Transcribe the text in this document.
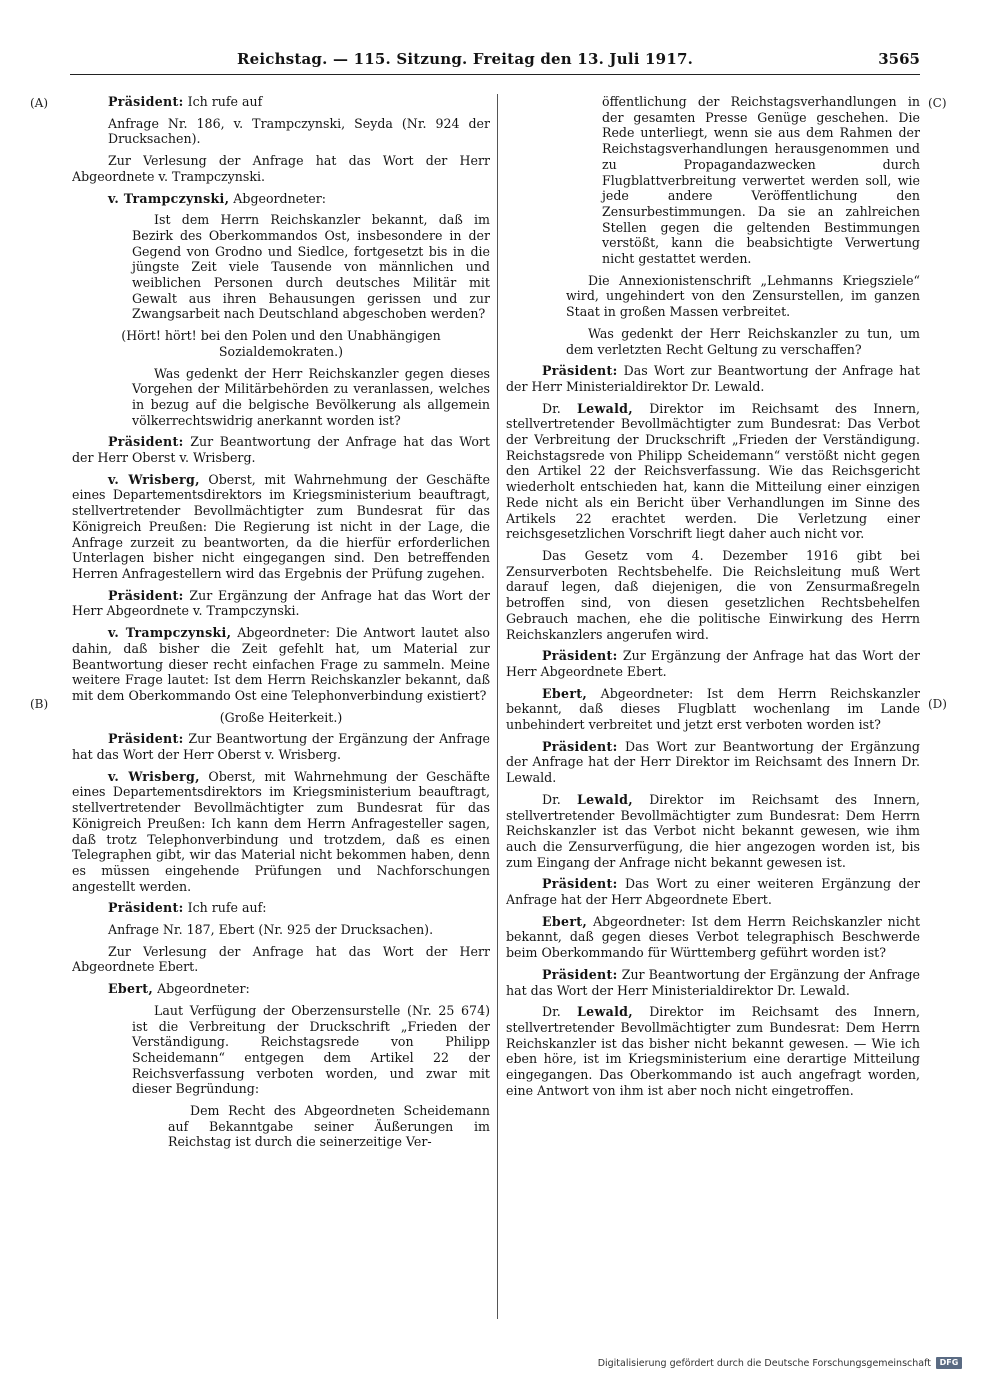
Reichstag. — 115. Sitzung. Freitag den 13. Juli 1917.	3565
(A)
(B)
(C)
(D)

Präsident: Ich rufe auf

Anfrage Nr. 186, v. Trampczynski, Seyda (Nr. 924 der Drucksachen).

Zur Verlesung der Anfrage hat das Wort der Herr Abgeordnete v. Trampczynski.

v. Trampczynski, Abgeordneter:

Ist dem Herrn Reichskanzler bekannt, daß im Bezirk des Oberkommandos Ost, insbesondere in der Gegend von Grodno und Siedlce, fortgesetzt bis in die jüngste Zeit viele Tausende von männlichen und weiblichen Personen durch deutsches Militär mit Gewalt aus ihren Behausungen gerissen und zur Zwangsarbeit nach Deutschland abgeschoben werden?

(Hört! hört! bei den Polen und den Unabhängigen Sozialdemokraten.)

Was gedenkt der Herr Reichskanzler gegen dieses Vorgehen der Militärbehörden zu veranlassen, welches in bezug auf die belgische Bevölkerung als allgemein völkerrechtswidrig anerkannt worden ist?

Präsident: Zur Beantwortung der Anfrage hat das Wort der Herr Oberst v. Wrisberg.

v. Wrisberg, Oberst, mit Wahrnehmung der Geschäfte eines Departementsdirektors im Kriegsministerium beauftragt, stellvertretender Bevollmächtigter zum Bundesrat für das Königreich Preußen: Die Regierung ist nicht in der Lage, die Anfrage zurzeit zu beantworten, da die hierfür erforderlichen Unterlagen bisher nicht eingegangen sind. Den betreffenden Herren Anfragestellern wird das Ergebnis der Prüfung zugehen.

Präsident: Zur Ergänzung der Anfrage hat das Wort der Herr Abgeordnete v. Trampczynski.

v. Trampczynski, Abgeordneter: Die Antwort lautet also dahin, daß bisher die Zeit gefehlt hat, um Material zur Beantwortung dieser recht einfachen Frage zu sammeln. Meine weitere Frage lautet: Ist dem Herrn Reichskanzler bekannt, daß mit dem Oberkommando Ost eine Telephonverbindung existiert?

(Große Heiterkeit.)

Präsident: Zur Beantwortung der Ergänzung der Anfrage hat das Wort der Herr Oberst v. Wrisberg.

v. Wrisberg, Oberst, mit Wahrnehmung der Geschäfte eines Departementsdirektors im Kriegsministerium beauftragt, stellvertretender Bevollmächtigter zum Bundesrat für das Königreich Preußen: Ich kann dem Herrn Anfragesteller sagen, daß trotz Telephonverbindung und trotzdem, daß es einen Telegraphen gibt, wir das Material nicht bekommen haben, denn es müssen eingehende Prüfungen und Nachforschungen angestellt werden.

Präsident: Ich rufe auf:

Anfrage Nr. 187, Ebert (Nr. 925 der Drucksachen).

Zur Verlesung der Anfrage hat das Wort der Herr Abgeordnete Ebert.

Ebert, Abgeordneter:

Laut Verfügung der Oberzensurstelle (Nr. 25 674) ist die Verbreitung der Druckschrift „Frieden der Verständigung. Reichstagsrede von Philipp Scheidemann“ entgegen dem Artikel 22 der Reichsverfassung verboten worden, und zwar mit dieser Begründung:

Dem Recht des Abgeordneten Scheidemann auf Bekanntgabe seiner Äußerungen im Reichstag ist durch die seinerzeitige Ver-

öffentlichung der Reichstagsverhandlungen in der gesamten Presse Genüge geschehen. Die Rede unterliegt, wenn sie aus dem Rahmen der Reichstagsverhandlungen herausgenommen und zu Propagandazwecken durch Flugblattverbreitung verwertet werden soll, wie jede andere Veröffentlichung den Zensurbestimmungen. Da sie an zahlreichen Stellen gegen die geltenden Bestimmungen verstößt, kann die beabsichtigte Verwertung nicht gestattet werden.

Die Annexionistenschrift „Lehmanns Kriegsziele“ wird, ungehindert von den Zensurstellen, im ganzen Staat in großen Massen verbreitet.

Was gedenkt der Herr Reichskanzler zu tun, um dem verletzten Recht Geltung zu verschaffen?

Präsident: Das Wort zur Beantwortung der Anfrage hat der Herr Ministerialdirektor Dr. Lewald.

Dr. Lewald, Direktor im Reichsamt des Innern, stellvertretender Bevollmächtigter zum Bundesrat: Das Verbot der Verbreitung der Druckschrift „Frieden der Verständigung. Reichstagsrede von Philipp Scheidemann“ verstößt nicht gegen den Artikel 22 der Reichsverfassung. Wie das Reichsgericht wiederholt entschieden hat, kann die Mitteilung einer einzigen Rede nicht als ein Bericht über Verhandlungen im Sinne des Artikels 22 erachtet werden. Die Verletzung einer reichsgesetzlichen Vorschrift liegt daher auch nicht vor.

Das Gesetz vom 4. Dezember 1916 gibt bei Zensurverboten Rechtsbehelfe. Die Reichsleitung muß Wert darauf legen, daß diejenigen, die von Zensurmaßregeln betroffen sind, von diesen gesetzlichen Rechtsbehelfen Gebrauch machen, ehe die politische Einwirkung des Herrn Reichskanzlers angerufen wird.

Präsident: Zur Ergänzung der Anfrage hat das Wort der Herr Abgeordnete Ebert.

Ebert, Abgeordneter: Ist dem Herrn Reichskanzler bekannt, daß dieses Flugblatt wochenlang im Lande unbehindert verbreitet und jetzt erst verboten worden ist?

Präsident: Das Wort zur Beantwortung der Ergänzung der Anfrage hat der Herr Direktor im Reichsamt des Innern Dr. Lewald.

Dr. Lewald, Direktor im Reichsamt des Innern, stellvertretender Bevollmächtigter zum Bundesrat: Dem Herrn Reichskanzler ist das Verbot nicht bekannt gewesen, wie ihm auch die Zensurverfügung, die hier angezogen worden ist, bis zum Eingang der Anfrage nicht bekannt gewesen ist.

Präsident: Das Wort zu einer weiteren Ergänzung der Anfrage hat der Herr Abgeordnete Ebert.

Ebert, Abgeordneter: Ist dem Herrn Reichskanzler nicht bekannt, daß gegen dieses Verbot telegraphisch Beschwerde beim Oberkommando für Württemberg geführt worden ist?

Präsident: Zur Beantwortung der Ergänzung der Anfrage hat das Wort der Herr Ministerialdirektor Dr. Lewald.

Dr. Lewald, Direktor im Reichsamt des Innern, stellvertretender Bevollmächtigter zum Bundesrat: Dem Herrn Reichskanzler ist das bisher nicht bekannt gewesen. — Wie ich eben höre, ist im Kriegsministerium eine derartige Mitteilung eingegangen. Das Oberkommando ist auch angefragt worden, eine Antwort von ihm ist aber noch nicht eingetroffen.

Digitalisierung gefördert durch die Deutsche Forschungsgemeinschaft	DFG
